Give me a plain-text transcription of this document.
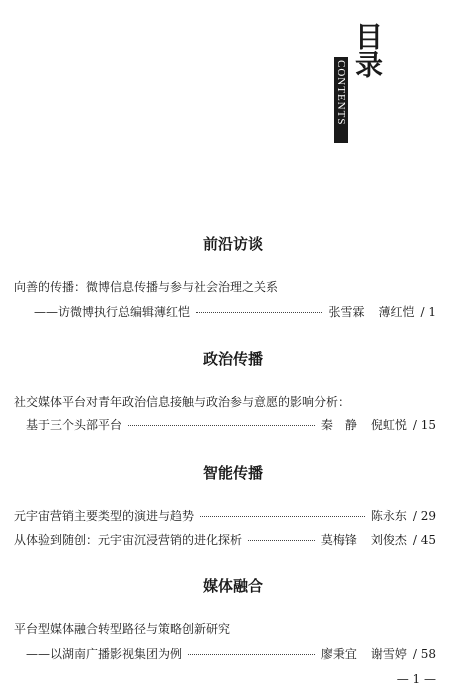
目录
CONTENTS
前沿访谈
向善的传播：微博信息传播与参与社会治理之关系
——访微博执行总编辑薄红恺	张雪霖 薄红恺 / 1
政治传播
社交媒体平台对青年政治信息接触与政治参与意愿的影响分析：
基于三个头部平台	秦　静 倪虹悦 / 15
智能传播
元宇宙营销主要类型的演进与趋势	陈永东 / 29
从体验到随创：元宇宙沉浸营销的进化探析	莫梅锋 刘俊杰 / 45
媒体融合
平台型媒体融合转型路径与策略创新研究
——以湖南广播影视集团为例	廖秉宜 谢雪婷 / 58
— 1 —
